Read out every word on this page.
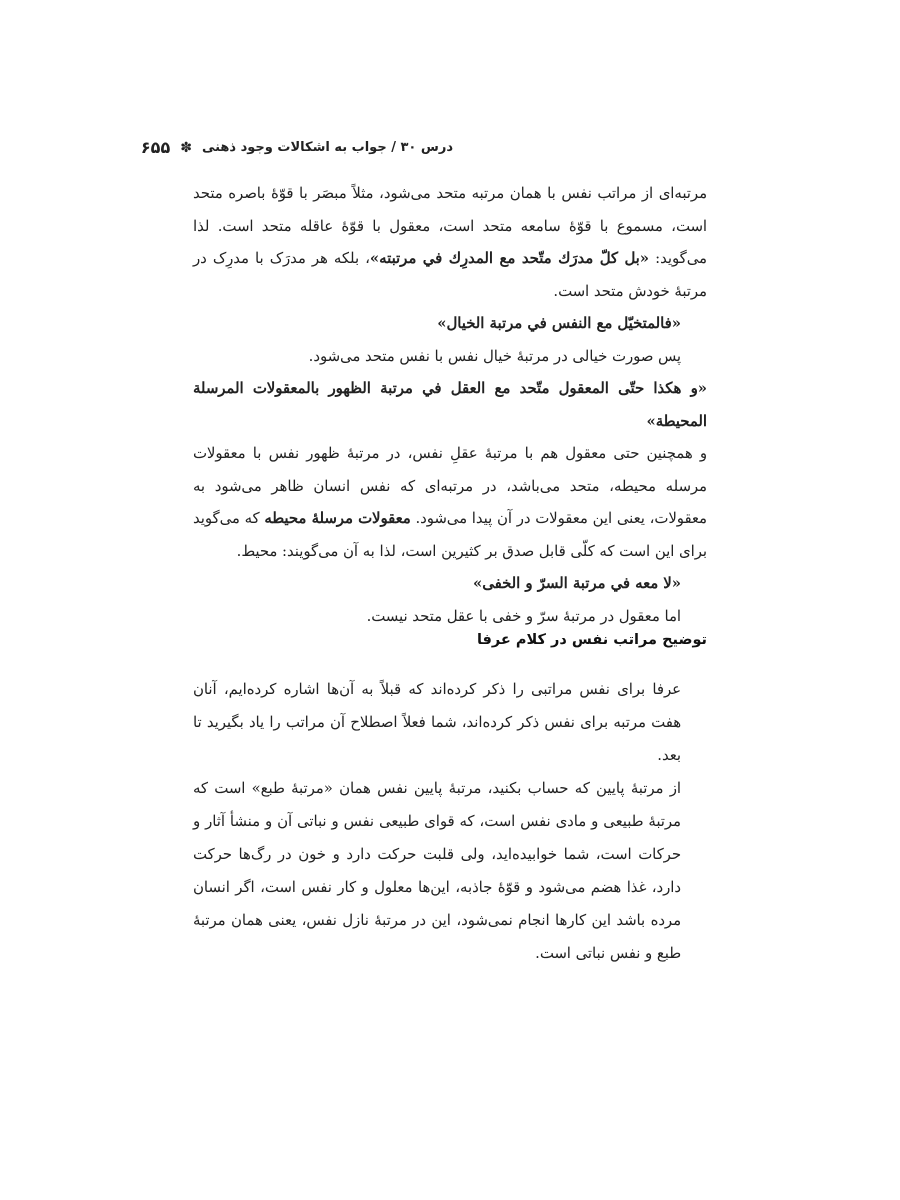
درس ۳۰ / جواب به اشکالات وجود ذهنی
✽
۶۵۵

مرتبه‌ای از مراتب نفس با همان مرتبه متحد می‌شود، مثلاً مبصَر با قوّهٔ باصره متحد است، مسموع با قوّهٔ سامعه متحد است، معقول با قوّهٔ عاقله متحد است. لذا می‌گوید: «بل كلّ مدرَك متّحد مع المدرِك في مرتبته»، بلکه هر مدرَک با مدرِک در مرتبهٔ خودش متحد است.

«فالمتخيّل مع النفس في مرتبة الخيال»

پس صورت خیالی در مرتبهٔ خیال نفس با نفس متحد می‌شود.

«و هكذا حتّى المعقول متّحد مع العقل في مرتبة الظهور بالمعقولات المرسلة المحيطة»

و همچنین حتی معقول هم با مرتبهٔ عقلِ نفس، در مرتبهٔ ظهور نفس با معقولات مرسله محیطه، متحد می‌باشد، در مرتبه‌ای که نفس انسان ظاهر می‌شود به معقولات، یعنی این معقولات در آن پیدا می‌شود. معقولات مرسلهٔ محیطه که می‌گوید برای این است که کلّی قابل صدق بر کثیرین است، لذا به آن می‌گویند: محیط.

«لا معه في مرتبة السرّ و الخفى»

اما معقول در مرتبهٔ سرّ و خفی با عقل متحد نیست.

توضیح مراتب نفس در کلام عرفا

عرفا برای نفس مراتبی را ذکر کرده‌اند که قبلاً به آن‌ها اشاره کرده‌ایم، آنان هفت مرتبه برای نفس ذکر کرده‌اند، شما فعلاً اصطلاح آن مراتب را یاد بگیرید تا بعد.

از مرتبهٔ پایین که حساب بکنید، مرتبهٔ پایین نفس همان «مرتبهٔ طبع» است که مرتبهٔ طبیعی و مادی نفس است، که قوای طبیعی نفس و نباتی آن و منشأ آثار و حرکات است، شما خوابیده‌اید، ولی قلبت حرکت دارد و خون در رگ‌ها حرکت دارد، غذا هضم می‌شود و قوّهٔ جاذبه، این‌ها معلول و کار نفس است، اگر انسان مرده باشد این کارها انجام نمی‌شود، این در مرتبهٔ نازل نفس، یعنی همان مرتبهٔ طبع و نفس نباتی است.
